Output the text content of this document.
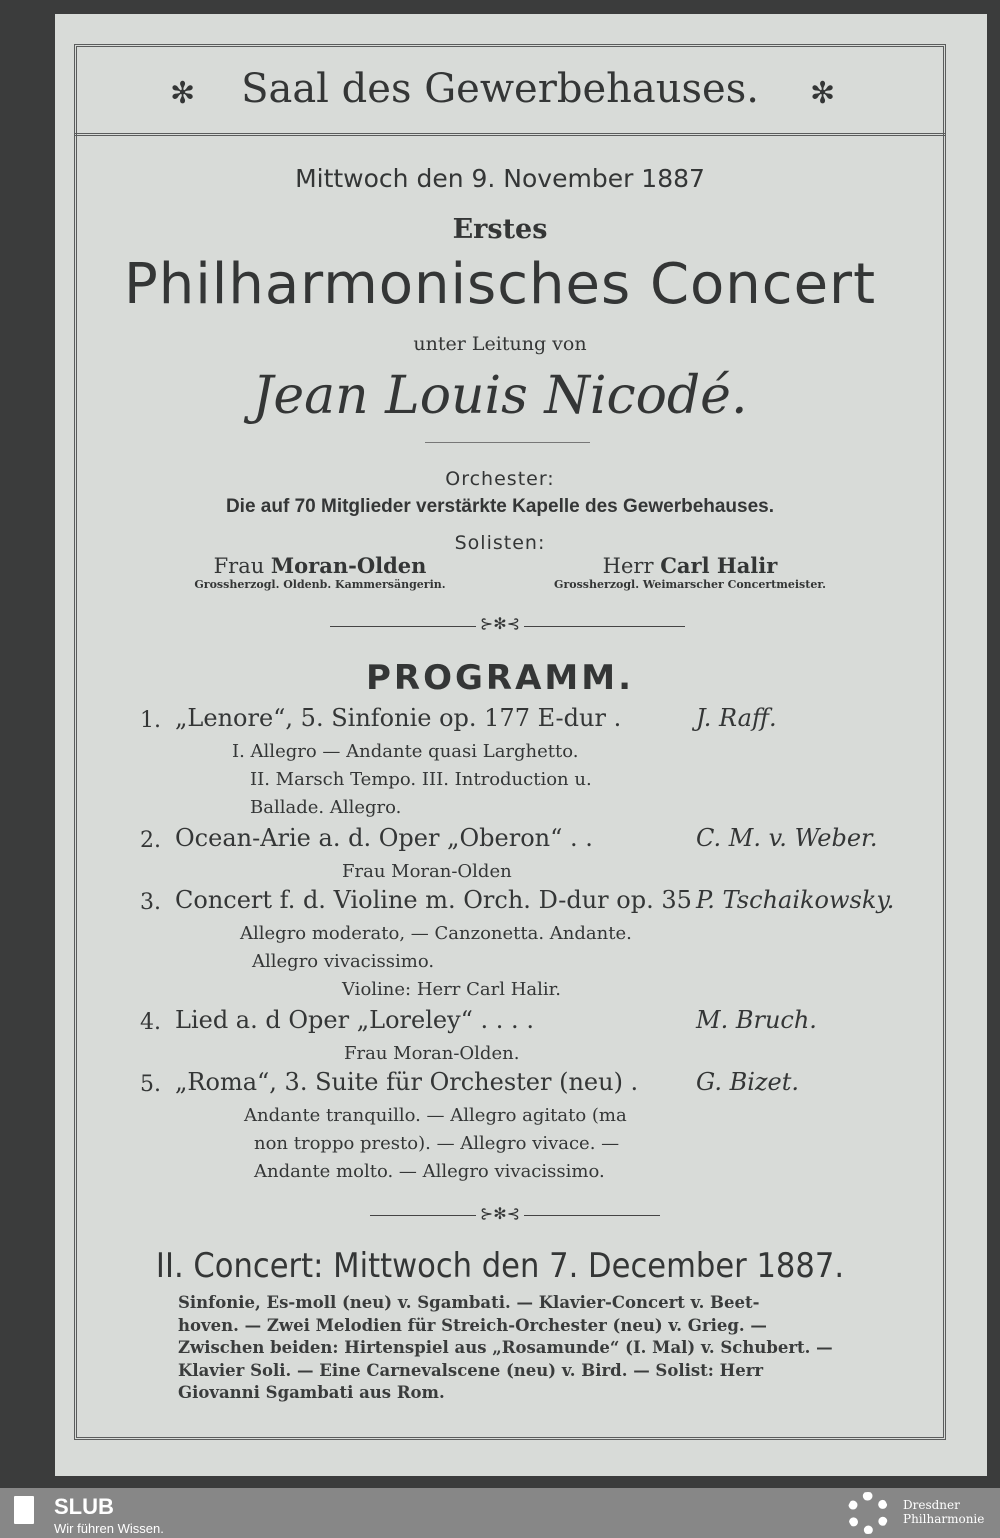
✻	✻
Saal des Gewerbehauses.
Mittwoch den 9. November 1887
Erstes
Philharmonisches Concert
unter Leitung von
Jean Louis Nicodé.
Orchester:
Die auf 70 Mitglieder verstärkte Kapelle des Gewerbehauses.
Solisten:
Frau Moran-Olden
Grossherzogl. Oldenb. Kammersängerin.
Herr Carl Halir
Grossherzogl. Weimarscher Concertmeister.
⊱✻⊰
PROGRAMM.
1. „Lenore“, 5. Sinfonie op. 177 E-dur .	J. Raff.
I. Allegro — Andante quasi Larghetto.
II. Marsch Tempo. III. Introduction u.
Ballade. Allegro.
2. Ocean-Arie a. d. Oper „Oberon“ . .	C. M. v. Weber.
Frau Moran-Olden
3. Concert f. d. Violine m. Orch. D-dur op. 35 P. Tschaikowsky.
Allegro moderato, — Canzonetta. Andante.
Allegro vivacissimo.
Violine: Herr Carl Halir.
4. Lied a. d Oper „Loreley“ . . . .	M. Bruch.
Frau Moran-Olden.
5. „Roma“, 3. Suite für Orchester (neu) . G. Bizet.
Andante tranquillo. — Allegro agitato (ma
non troppo presto). — Allegro vivace. —
Andante molto. — Allegro vivacissimo.
⊱✻⊰
II. Concert: Mittwoch den 7. December 1887.
Sinfonie, Es-moll (neu) v. Sgambati. — Klavier-Concert v. Beet-
hoven. — Zwei Melodien für Streich-Orchester (neu) v. Grieg. —
Zwischen beiden: Hirtenspiel aus „Rosamunde“ (I. Mal) v. Schubert. —
Klavier Soli. — Eine Carnevalscene (neu) v. Bird. — Solist: Herr
Giovanni Sgambati aus Rom.
SLUB
Wir führen Wissen.
Dresdner
Philharmonie
